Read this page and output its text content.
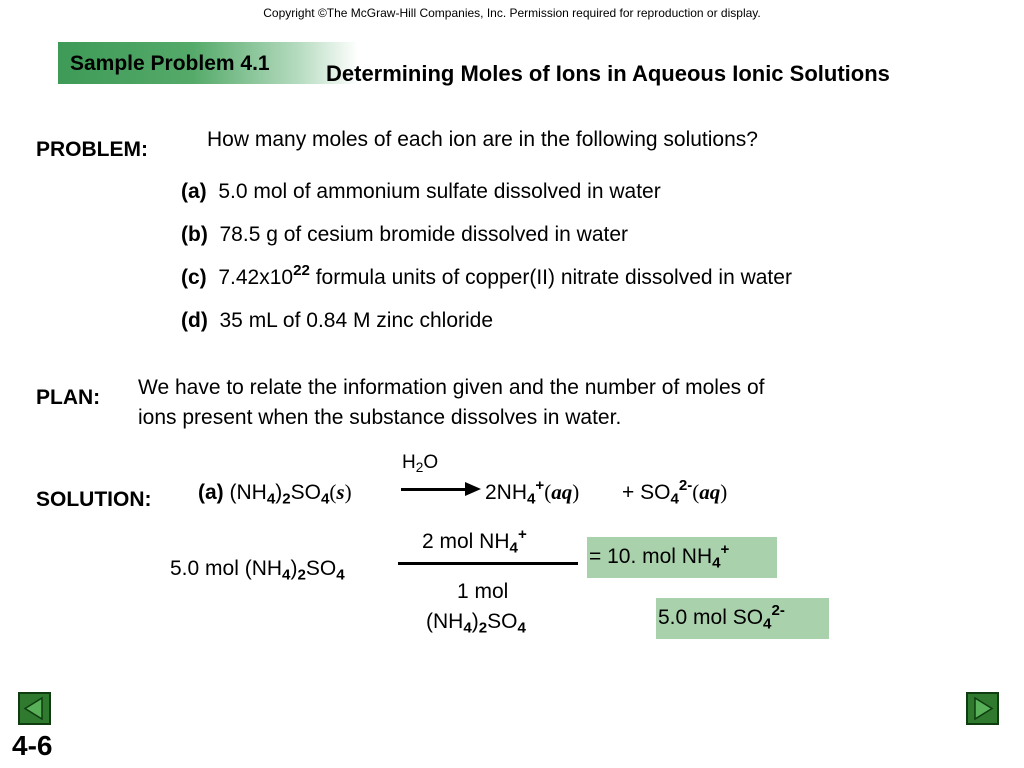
Copyright ©The McGraw-Hill Companies, Inc. Permission required for reproduction or display.
Sample Problem 4.1	Determining Moles of Ions in Aqueous Ionic Solutions
PROBLEM:	How many moles of each ion are in the following solutions?
(a) 5.0 mol of ammonium sulfate dissolved in water
(b) 78.5 g of cesium bromide dissolved in water
(c) $7.42x10^{22}$ formula units of copper(II) nitrate dissolved in water
(d) 35 mL of 0.84 M zinc chloride
PLAN: We have to relate the information given and the number of moles of
ions present when the substance dissolves in water.
SOLUTION:
$H_2O$
(a) $(NH_4)_2SO_4(s)$	$2NH_4^+(aq) + SO_4^{2-}(aq)$
5.0 mol $(NH_4)_2SO_4$
2 mol $NH_4^+$
1 mol
$(NH_4)_2SO_4$
= 10. mol $NH_4^+$
5.0 mol $SO_4^{2-}$
4-6
